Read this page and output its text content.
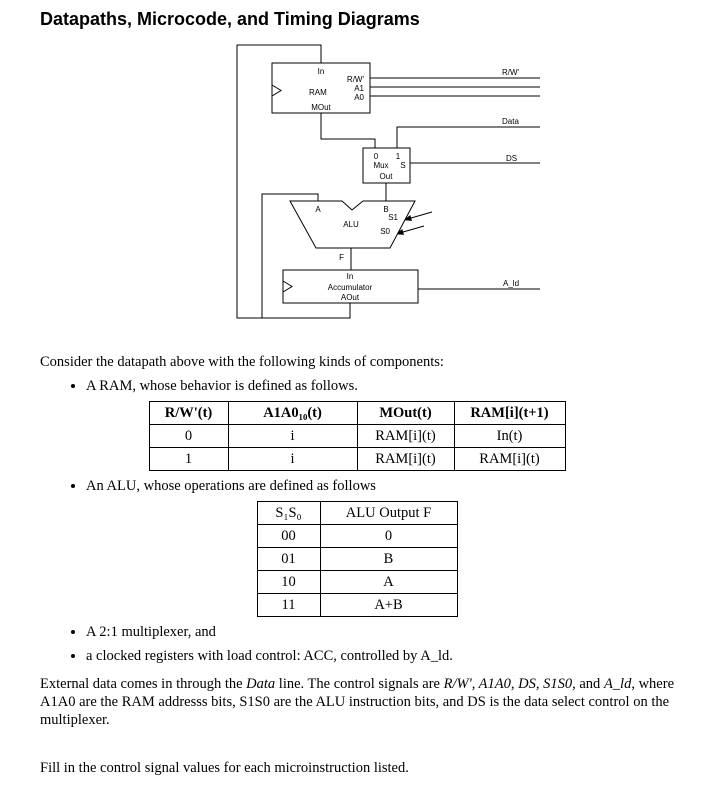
Datapaths, Microcode, and Timing Diagrams
In
R/W'
RAM	A1
A0
MOut
0 1
Mux S
Out
A	B
ALU
S1
S0
F
In
Accumulator
AOut
R/W'
Data
DS
A_ld

Consider the datapath above with the following kinds of components:

• A RAM, whose behavior is defined as follows.
R/W'(t)	A1A0₁₀(t)	MOut(t)	RAM[i](t+1)
0	i	RAM[i](t)	In(t)
1	i	RAM[i](t)	RAM[i](t)
• An ALU, whose operations are defined as follows
S₁S₀	ALU Output F
00	0
01	B
10	A
11	A+B
• A 2:1 multiplexer, and
• a clocked registers with load control: ACC, controlled by A_ld.

External data comes in through the Data line. The control signals are R/W', A1A0, DS, S1S0, and A_ld, where A1A0 are the RAM addresss bits, S1S0 are the ALU instruction bits, and DS is the data select control on the multiplexer.

Fill in the control signal values for each microinstruction listed.
